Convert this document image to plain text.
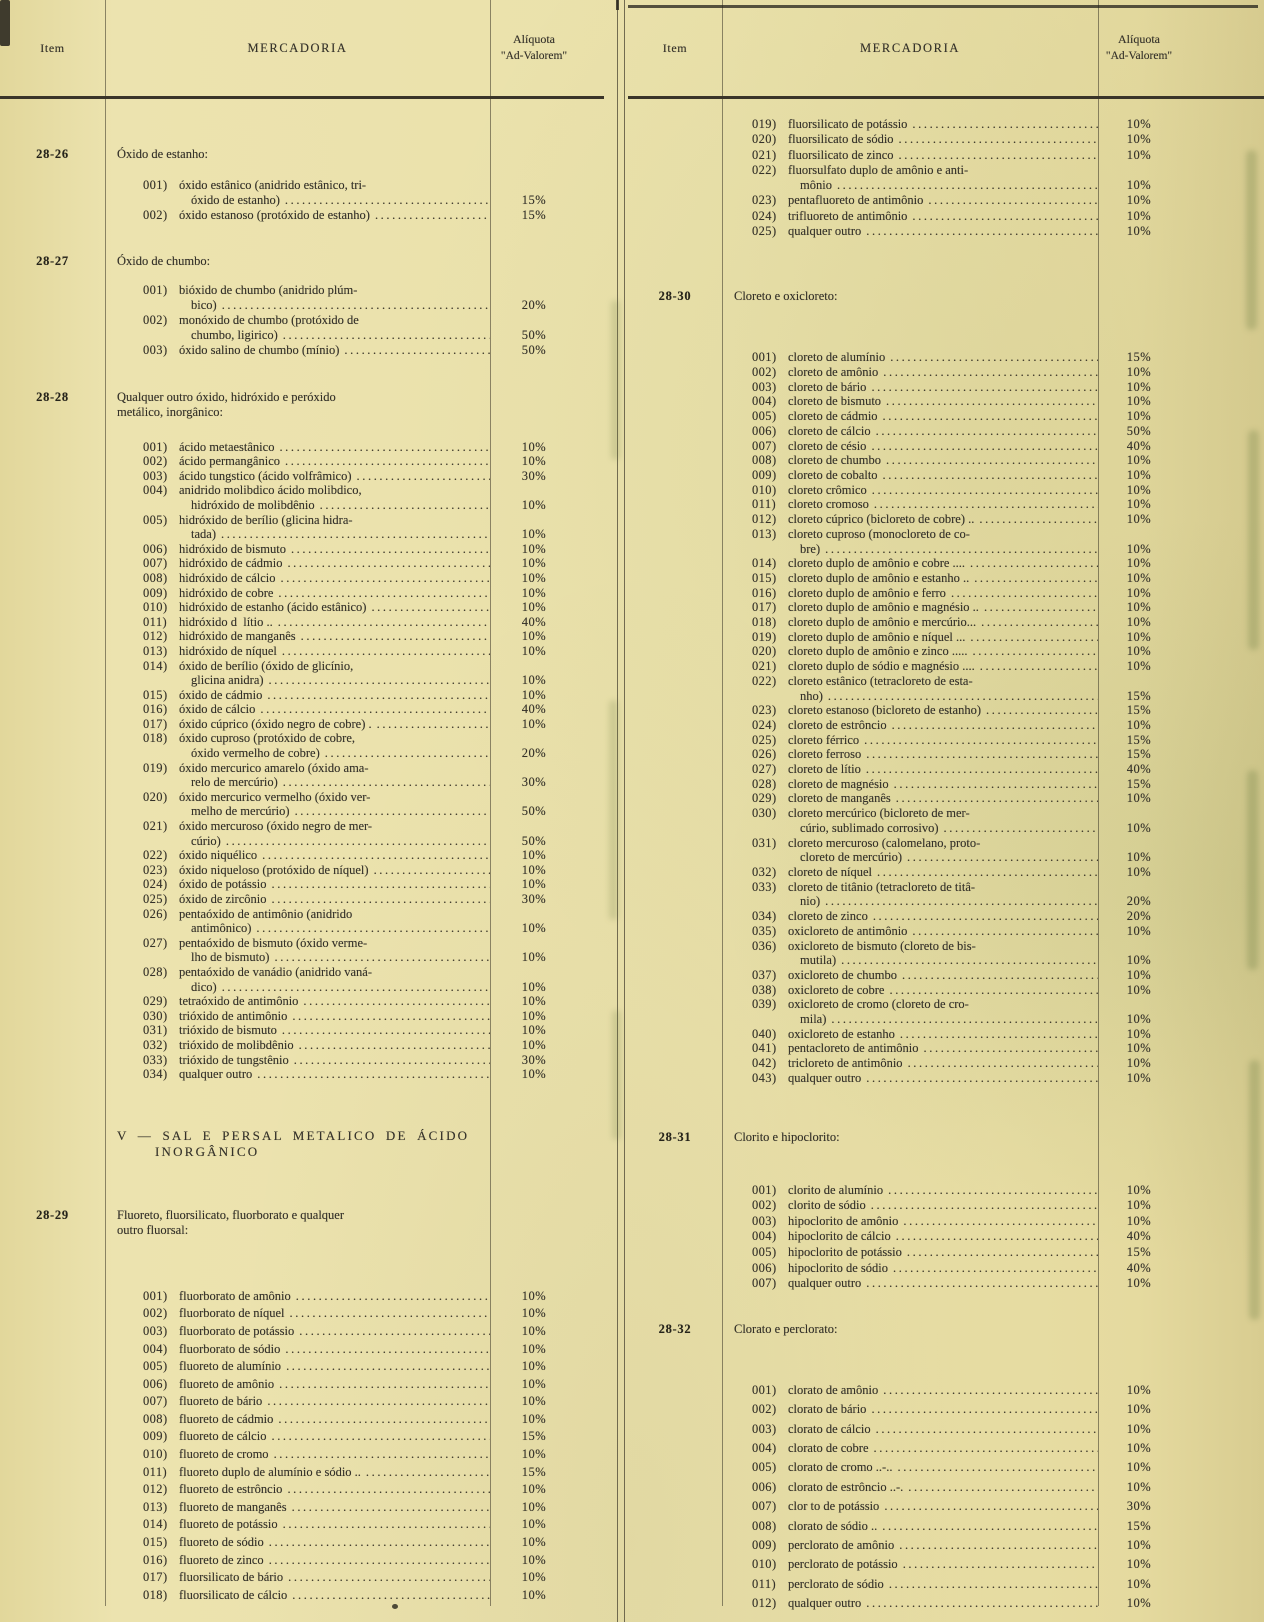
Item	MERCADORIA
Alíquota
"Ad-Valorem"
28-26	Óxido de estanho:
001) óxido estânico (anidrido estânico, tri-
óxido de estanho) .....	15%
002) óxido estanoso (protóxido de estanho) .....	15%
28-27	Óxido de chumbo:
001) bióxido de chumbo (anidrido plúm-
bico) .....	20%
002) monóxido de chumbo (protóxido de
chumbo, ligirico) .....	50%
003) óxido salino de chumbo (mínio) .....	50%
28-28	Qualquer outro óxido, hidróxido e peróxido metálico, inorgânico:
001) ácido metaestânico .....	10%
002) ácido permangânico .....	10%
003) ácido tungstico (ácido volfrâmico) .....	30%
004) anidrido molibdico ácido molibdico,
hidróxido de molibdênio .....	10%
005) hidróxido de berílio (glicina hidra-
tada) .....	10%
006) hidróxido de bismuto .....	10%
007) hidróxido de cádmio .....	10%
008) hidróxido de cálcio .....	10%
009) hidróxido de cobre .....	10%
010) hidróxido de estanho (ácido estânico) .....	10%
011) hidróxido d  lítio .. .....	40%
012) hidróxido de manganês .....	10%
013) hidróxido de níquel .....	10%
014) óxido de berílio (óxido de glicínio,
glicina anidra) .....	10%
015) óxido de cádmio .....	10%
016) óxido de cálcio .....	40%
017) óxido cúprico (óxido negro de cobre) . .....	10%
018) óxido cuproso (protóxido de cobre,
óxido vermelho de cobre) .....	20%
019) óxido mercurico amarelo (óxido ama-
relo de mercúrio) .....	30%
020) óxido mercurico vermelho (óxido ver-
melho de mercúrio) .....	50%
021) óxido mercuroso (óxido negro de mer-
cúrio) .....	50%
022) óxido niquélico .....	10%
023) óxido niqueloso (protóxido de níquel) .....	10%
024) óxido de potássio .....	10%
025) óxido de zircônio .....	30%
026) pentaóxido de antimônio (anidrido
antimônico) .....	10%
027) pentaóxido de bismuto (óxido verme-
lho de bismuto) .....	10%
028) pentaóxido de vanádio (anidrido vaná-
dico) .....	10%
029) tetraóxido de antimônio .....	10%
030) trióxido de antimônio .....	10%
031) trióxido de bismuto .....	10%
032) trióxido de molibdênio .....	10%
033) trióxido de tungstênio .....	30%
034) qualquer outro .....	10%
V — SAL E PERSAL METALICO DE ÁCIDO
INORGÂNICO
28-29	Fluoreto, fluorsilicato, fluorborato e qualquer outro fluorsal:
001) fluorborato de amônio .....	10%
002) fluorborato de níquel .....	10%
003) fluorborato de potássio .....	10%
004) fluorborato de sódio .....	10%
005) fluoreto de alumínio .....	10%
006) fluoreto de amônio .....	10%
007) fluoreto de bário .....	10%
008) fluoreto de cádmio .....	10%
009) fluoreto de cálcio .....	15%
010) fluoreto de cromo .....	10%
011) fluoreto duplo de alumínio e sódio .. .....	15%
012) fluoreto de estrôncio .....	10%
013) fluoreto de manganês .....	10%
014) fluoreto de potássio .....	10%
015) fluoreto de sódio .....	10%
016) fluoreto de zinco .....	10%
017) fluorsilicato de bário .....	10%
018) fluorsilicato de cálcio .....	10%
Item	MERCADORIA
Alíquota
"Ad-Valorem"
019) fluorsilicato de potássio .....	10%
020) fluorsilicato de sódio .....	10%
021) fluorsilicato de zinco .....	10%
022) fluorsulfato duplo de amônio e anti-
mônio .....	10%
023) pentafluoreto de antimônio .....	10%
024) trifluoreto de antimônio .....	10%
025) qualquer outro .....	10%
28-30	Cloreto e oxicloreto:
001) cloreto de alumínio .....	15%
002) cloreto de amônio .....	10%
003) cloreto de bário .....	10%
004) cloreto de bismuto .....	10%
005) cloreto de cádmio .....	10%
006) cloreto de cálcio .....	50%
007) cloreto de césio .....	40%
008) cloreto de chumbo .....	10%
009) cloreto de cobalto .....	10%
010) cloreto crômico .....	10%
011) cloreto cromoso .....	10%
012) cloreto cúprico (bicloreto de cobre) .. .....	10%
013) cloreto cuproso (monocloreto de co-
bre) .....	10%
014) cloreto duplo de amônio e cobre .... .....	10%
015) cloreto duplo de amônio e estanho .. .....	10%
016) cloreto duplo de amônio e ferro .....	10%
017) cloreto duplo de amônio e magnésio .. .....	10%
018) cloreto duplo de amônio e mercúrio... .....	10%
019) cloreto duplo de amônio e níquel ... .....	10%
020) cloreto duplo de amônio e zinco ..... .....	10%
021) cloreto duplo de sódio e magnésio .... .....	10%
022) cloreto estânico (tetracloreto de esta-
nho) .....	15%
023) cloreto estanoso (bicloreto de estanho) .....	15%
024) cloreto de estrôncio .....	10%
025) cloreto férrico .....	15%
026) cloreto ferroso .....	15%
027) cloreto de lítio .....	40%
028) cloreto de magnésio .....	15%
029) cloreto de manganês .....	10%
030) cloreto mercúrico (bicloreto de mer-
cúrio, sublimado corrosivo) .....	10%
031) cloreto mercuroso (calomelano, proto-
cloreto de mercúrio) .....	10%
032) cloreto de níquel .....	10%
033) cloreto de titânio (tetracloreto de titâ-
nio) .....	20%
034) cloreto de zinco .....	20%
035) oxicloreto de antimônio .....	10%
036) oxicloreto de bismuto (cloreto de bis-
mutila) .....	10%
037) oxicloreto de chumbo .....	10%
038) oxicloreto de cobre .....	10%
039) oxicloreto de cromo (cloreto de cro-
mila) .....	10%
040) oxicloreto de estanho .....	10%
041) pentacloreto de antimônio .....	10%
042) tricloreto de antimônio .....	10%
043) qualquer outro .....	10%
28-31	Clorito e hipoclorito:
001) clorito de alumínio .....	10%
002) clorito de sódio .....	10%
003) hipoclorito de amônio .....	10%
004) hipoclorito de cálcio .....	40%
005) hipoclorito de potássio .....	15%
006) hipoclorito de sódio .....	40%
007) qualquer outro .....	10%
28-32	Clorato e perclorato:
001) clorato de amônio .....	10%
002) clorato de bário .....	10%
003) clorato de cálcio .....	10%
004) clorato de cobre .....	10%
005) clorato de cromo ..-.. .....	10%
006) clorato de estrôncio ..-. .....	10%
007) clor to de potássio .....	30%
008) clorato de sódio .. .....	15%
009) perclorato de amônio .....	10%
010) perclorato de potássio .....	10%
011) perclorato de sódio .....	10%
012) qualquer outro .....	10%
